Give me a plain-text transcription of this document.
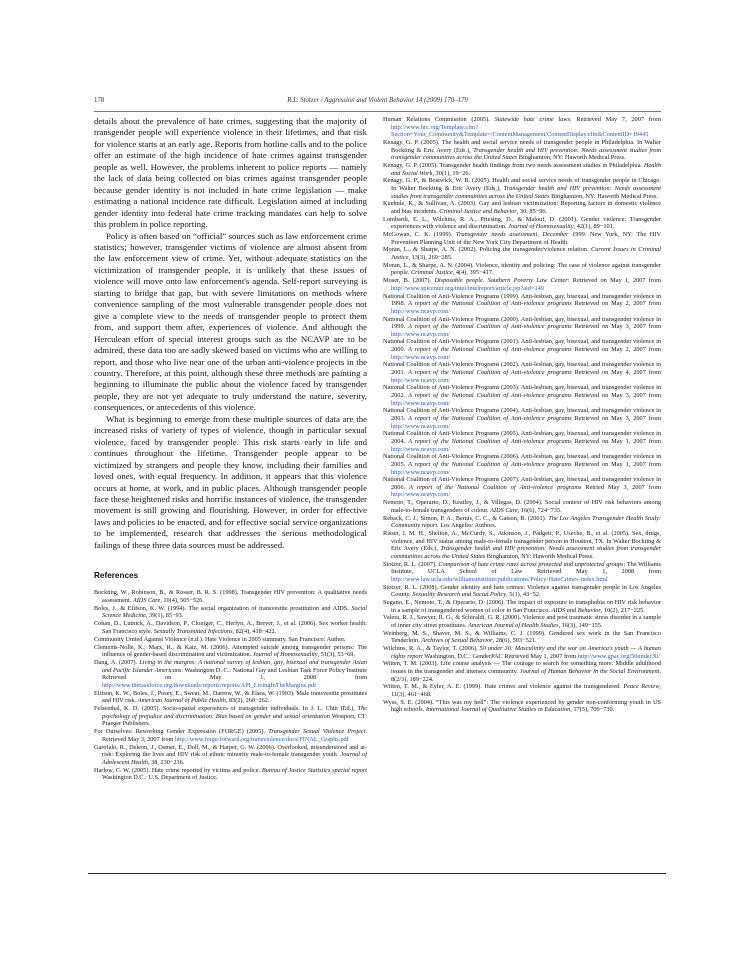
178	R.L. Stotzer / Aggression and Violent Behavior 14 (2009) 170–179

details about the prevalence of hate crimes, suggesting that the majority of transgender people will experience violence in their lifetimes, and that risk for violence starts at an early age. Reports from hotline calls and to the police offer an estimate of the high incidence of hate crimes against transgender people as well. However, the problems inherent to police reports — namely the lack of data being collected on bias crimes against transgender people because gender identity is not included in hate crime legislation — make estimating a national incidence rate difficult. Legislation aimed at including gender identity into federal hate crime tracking mandates can help to solve this problem in police reporting.

Policy is often based on “official” sources such as law enforcement crime statistics; however, transgender victims of violence are almost absent from the law enforcement view of crime. Yet, without adequate statistics on the victimization of transgender people, it is unlikely that these issues of violence will move onto law enforcement's agenda. Self-report surveying is starting to bridge that gap, but with severe limitations on methods where convenience sampling of the most vulnerable transgender people does not give a complete view to the needs of transgender people to protect them from, and support them after, experiences of violence. And although the Herculean effort of special interest groups such as the NCAVP are to be admired, these data too are sadly skewed based on victims who are willing to report, and those who live near one of the urban anti-violence projects in the country. Therefore, at this point, although these three methods are painting a beginning to illuminate the public about the violence faced by transgender people, they are not yet adequate to truly understand the nature, severity, consequences, or antecedents of this violence.

What is beginning to emerge from these multiple sources of data are the increased risks of variety of types of violence, though in particular sexual violence, faced by transgender people. This risk starts early in life and continues throughout the lifetime. Transgender people appear to be victimized by strangers and people they know, including their families and loved ones, with equal frequency. In addition, it appears that this violence occurs at home, at work, and in public places. Although transgender people face these heightened risks and horrific instances of violence, the transgender movement is still growing and flourishing. However, in order for effective laws and policies to be enacted, and for effective social service organizations to be implemented, research that addresses the serious methodological failings of these three data sources must be addressed.

References
Bockting, W., Robinson, B., & Rosser, B. R. S. (1998). Transgender HIV prevention: A qualitative needs assessment. AIDS Care, 10(4), 505−526.
Boles, J., & Elifson, K. W. (1994). The social organization of transvestite prostitution and AIDS. Social Science Medicine, 39(1), 85−93.
Cohan, D., Lutnick, A., Davidson, P., Cloniger, C., Herlyn, A., Breyer, J., et al. (2006). Sex worker health: San Francisco style. Sexually Transmitted Infections, 82(4), 418−422.
Community United Against Violence (n.d.). Hate Violence in 2005 summary. San Francisco: Author.
Clements-Nolle, K., Marx, R., & Katz, M. (2006). Attempted suicide among transgender persons: The influence of gender-based discrimination and victimization. Journal of Homosexuality, 51(3), 53−69.
Dang, A. (2007). Living in the margins: A national survey of lesbian, gay, bisexual and transgender Asian and Pacific Islander Americans. Washington D. C.: National Gay and Lesbian Task Force Policy Institute Retrieved on May 1, 2008 from http://www.thetaskforce.org/downloads/reports/reports/API_LivingInTheMargins.pdf
Elifson, K. W., Boles, J., Posey, E., Sweat, M., Darrow, W., & Elsea, W. (1993). Male transvestite prostitutes and HIV risk. American Journal of Public Health, 83(2), 260−262.
Felsenthal, K. D. (2005). Socio-spatial experiences of transgender individuals. In J. L. Chin (Ed.), The psychology of prejudice and discrimination: Bias based on gender and sexual orientation Westport, CT: Praeger Publishers.
For Ourselves: Reworking Gender Expression (FORGE) (2005). Transgender Sexual Violence Project. Retrieved May 3, 2007 from http://www.forge-forward.org/transviolence/docs/FINAL_Graphs.pdf
Garofalo, R., Deleon, J., Osmer, E., Doll, M., & Harper, G. W. (2006). Overlooked, misunderstood and at-risk: Exploring the lives and HIV risk of ethnic minority male-to-female transgender youth. Journal of Adolescent Health, 38, 230−236.
Harlow, C. W. (2005). Hate crime reported by victims and police. Bureau of Justice Statistics special report Washington D.C.: U.S. Department of Justice.
Human Relations Commission (2005). Statewide hate crime laws. Retrieved May 7, 2007 from http://www.hrc.org/Template.cfm?Section=Your_Community&Template=/ContentManagement/ContentDisplay.cfm&ContentID=19445
Kenagy, G. P. (2005). The health and social service needs of transgender people in Philadelphia. In Walter Bockting & Eric Avery (Eds.), Transgender health and HIV prevention: Needs assessment studies from transgender communities across the United States Binghamton, NY: Haworth Medical Press.
Kenagy, G. P. (2005). Transgender health findings from two needs assessment studies in Philadelphia. Health and Social Work, 30(1), 19−26.
Kenagy, G. P., & Bostwick, W. B. (2005). Health and social service needs of transgender people in Chicago. In Walter Bockting & Eric Avery (Eds.), Transgender health and HIV prevention: Needs assessment studies from transgender communities across the United States Binghamton, NY: Haworth Medical Press.
Kuehnle, K., & Sullivan, A. (2003). Gay and lesbian victimization: Reporting factors in domestic violence and bias incidents. Criminal Justice and Behavior, 30, 85−96.
Lombardi, E. L., Wilchins, R. A., Priesing, D., & Malouf, D. (2001). Gender violence: Transgender experiences with violence and discrimination. Journal of Homosexuality, 42(1), 89−101.
McGowan, C. K. (1999). Transgender needs assessment, December 1999. New York, NY: The HIV Prevention Planning Unit of the New York City Department of Health.
Moran, L., & Sharpe, A. N. (2002). Policing the transgender/violence relation. Current Issues in Criminal Justice, 13(3), 269−285.
Moran, L., & Sharpe, A. N. (2004). Violence, identity and policing: The case of violence against transgender people. Criminal Justice, 4(4), 395−417.
Moser, B. (2007). Disposable people. Southern Poverty Law Center: Retrieved on May 1, 2007 from http://www.splcenter.org/intel/intelreport/article.jsp?aid=149
National Coalition of Anti-Violence Programs (1999). Anti-lesbian, gay, bisexual, and transgender violence in 1998. A report of the National Coalition of Anti-violence programs Retrieved on May 2, 2007 from http://www.ncavp.com/
National Coalition of Anti-Violence Programs (2000). Anti-lesbian, gay, bisexual, and transgender violence in 1999. A report of the National Coalition of Anti-violence programs Retrieved on May 3, 2007 from http://www.ncavp.com/
National Coalition of Anti-Violence Programs (2001). Anti-lesbian, gay, bisexual, and transgender violence in 2000. A report of the National Coalition of Anti-violence programs Retrieved on May 2, 2007 from http://www.ncavp.com/
National Coalition of Anti-Violence Programs (2002). Anti-lesbian, gay, bisexual, and transgender violence in 2001. A report of the National Coalition of Anti-violence programs Retrieved on May 4, 2007 from http://www.ncavp.com/
National Coalition of Anti-Violence Programs (2003). Anti-lesbian, gay, bisexual, and transgender violence in 2002. A report of the National Coalition of Anti-violence programs Retrieved on May 3, 2007 from http://www.ncavp.com/
National Coalition of Anti-Violence Programs (2004). Anti-lesbian, gay, bisexual, and transgender violence in 2003. A report of the National Coalition of Anti-violence programs Retrieved on May 3, 2007 from http://www.ncavp.com/
National Coalition of Anti-Violence Programs (2005). Anti-lesbian, gay, bisexual, and transgender violence in 2004. A report of the National Coalition of Anti-violence programs Retrieved on May 1, 2007 from http://www.ncavp.com/
National Coalition of Anti-Violence Programs (2006). Anti-lesbian, gay, bisexual, and transgender violence in 2005. A report of the National Coalition of Anti-violence programs Retrieved on May 1, 2007 from http://www.ncavp.com/
National Coalition of Anti-Violence Programs (2007). Anti-lesbian, gay, bisexual, and transgender violence in 2006. A report of the National Coalition of Anti-violence programs Retried May 3, 2007 from http://www.ncavp.com/
Nemoto, T., Operario, D., Keatley, J., & Villegas, D. (2004). Social context of HIV risk behaviors among male-to-female transgenders of colour. AIDS Care, 16(6), 724−735.
Reback, C. J., Simon, P. A., Bemis, C. C., & Gatson, B. (2001). The Los Angeles Transgender Health Study: Community report. Los Angeles: Authors.
Risser, J. M. H., Shelton, A., McCurdy, S., Atkinson, J., Padgett, P., Useche, B., et al. (2005). Sex, drugs, violence, and HIV status among male-to-female transgender person in Houston, TX. In Walter Bockting & Eric Avery (Eds.), Transgender health and HIV prevention: Needs assessment studies from transgender communities across the United States Binghamton, NY: Haworth Medical Press.
Stotzer, R. L. (2007). Comparison of hate crime rates across protected and unprotected groups: The Williams Institute, UCLA School of Law Retrieved May 1, 2008 from http://www.law.ucla.edu/williamsinstitute/publications/Policy-HateCrimes-index.html
Stotzer, R. L. (2008). Gender identity and hate crimes: Violence against transgender people in Los Angeles County. Sexuality Research and Social Policy, 5(1), 43−52.
Sugano, E., Nemoto, T., & Operario, D. (2006). The impact of exposure to transphobia on HIV risk behavior in a sample of transgendered women of color in San Francisco. AIDS and Behavior, 10(2), 217−225.
Valera, R. J., Sawyer, R. G., & Schiraldi, G. R. (2000). Violence and post traumatic stress disorder in a sample of inner city street prostitutes. American Journal of Health Studies, 16(3), 149−155.
Weinberg, M. S., Shaver, M. S., & Williams, C. J. (1999). Gendered sex work in the San Francisco Tenderloin. Archives of Sexual Behavior, 28(6), 503−521.
Wilchins, R. A., & Taylor, T. (2006). 50 under 30: Masculinity and the war on America's youth — A human rights report Washington, D.C.: GenderPAC Retrieved May 1, 2007 from http://www.gpac.org/50under30/
Witten, T. M. (2003). Life course analysis — The courage to search for something more: Middle adulthood issues in the transgender and intersex community. Journal of Human Behavior in the Social Environment, 8(2/3), 189−224.
Witten, T. M., & Eyler, A. E. (1999). Hate crimes and violence against the transgendered. Peace Review, 11(3), 461−468.
Wyss, S. E. (2004). “This was my hell”: The violence experienced by gender non-conforming youth in US high schools. International Journal of Qualitative Studies in Education, 17(5), 709−730.
